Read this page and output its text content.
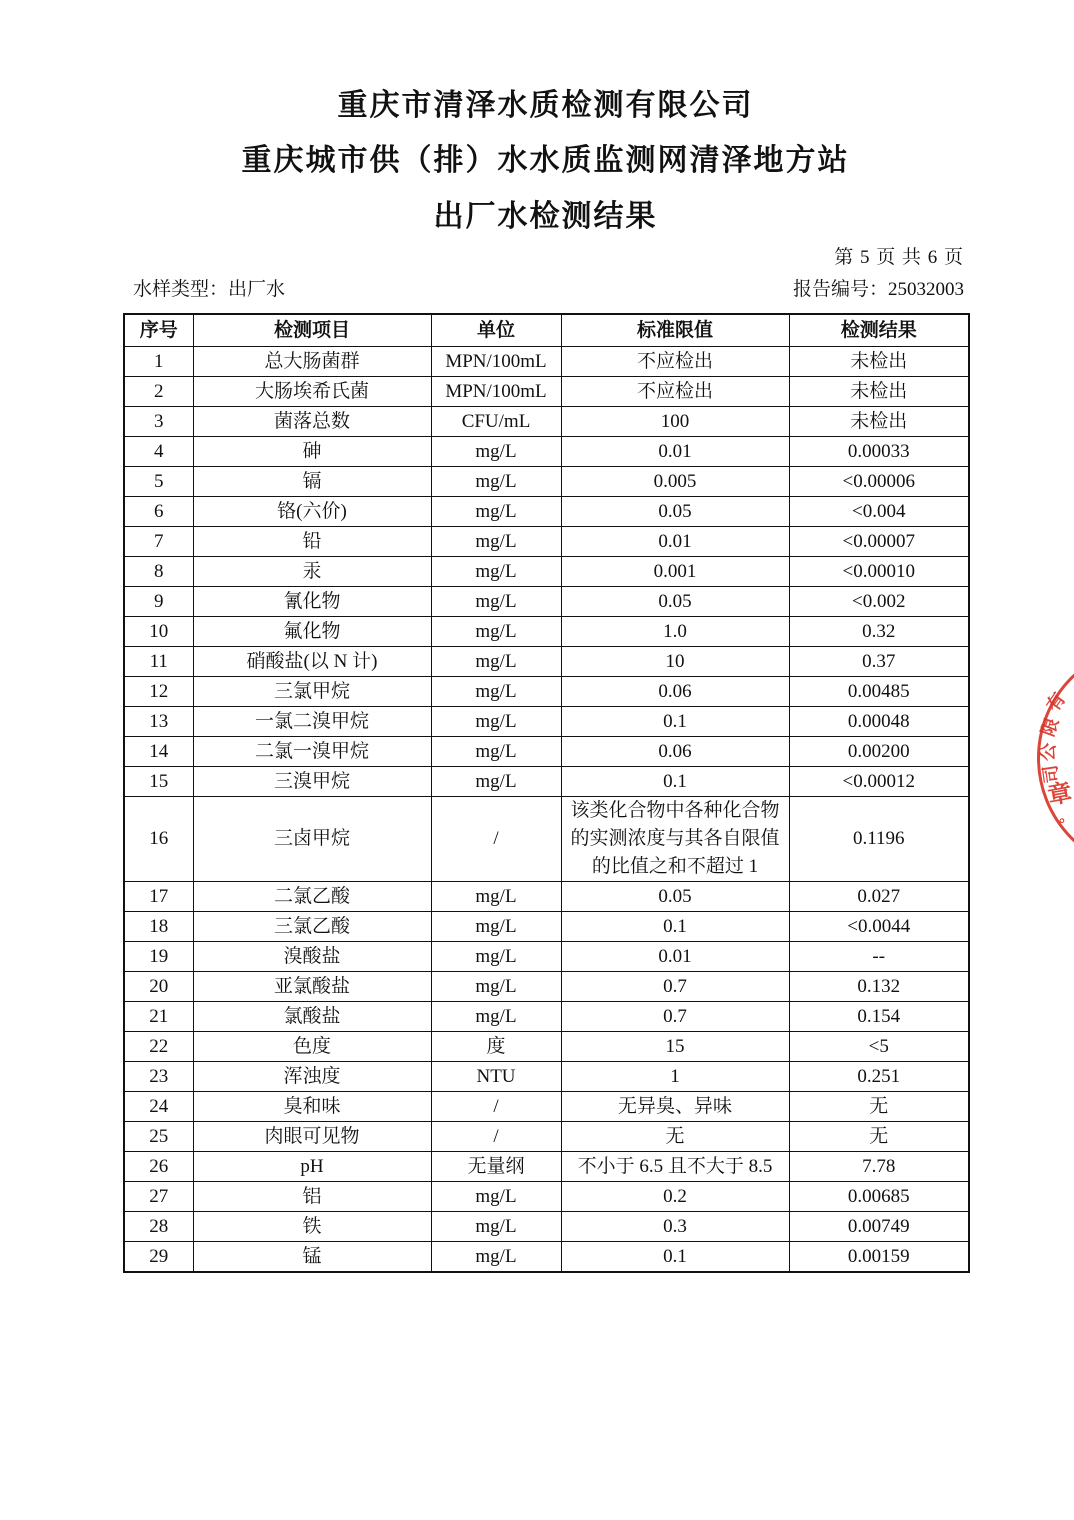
重庆市清泽水质检测有限公司
重庆城市供（排）水水质监测网清泽地方站
出厂水检测结果
第 5 页 共 6 页
水样类型：出厂水	报告编号：25032003
序号	检测项目	单位	标准限值	检测结果
1	总大肠菌群	MPN/100mL	不应检出	未检出
2	大肠埃希氏菌	MPN/100mL	不应检出	未检出
3	菌落总数	CFU/mL	100	未检出
4	砷	mg/L	0.01	0.00033
5	镉	mg/L	0.005	<0.00006
6	铬(六价)	mg/L	0.05	<0.004
7	铅	mg/L	0.01	<0.00007
8	汞	mg/L	0.001	<0.00010
9	氰化物	mg/L	0.05	<0.002
10	氟化物	mg/L	1.0	0.32
11	硝酸盐(以 N 计)	mg/L	10	0.37
12	三氯甲烷	mg/L	0.06	0.00485
13	一氯二溴甲烷	mg/L	0.1	0.00048
14	二氯一溴甲烷	mg/L	0.06	0.00200
15	三溴甲烷	mg/L	0.1	<0.00012
16	三卤甲烷	/	该类化合物中各种化合物的实测浓度与其各自限值的比值之和不超过 1	0.1196
17	二氯乙酸	mg/L	0.05	0.027
18	三氯乙酸	mg/L	0.1	<0.0044
19	溴酸盐	mg/L	0.01	--
20	亚氯酸盐	mg/L	0.7	0.132
21	氯酸盐	mg/L	0.7	0.154
22	色度	度	15	<5
23	浑浊度	NTU	1	0.251
24	臭和味	/	无异臭、异味	无
25	肉眼可见物	/	无	无
26	pH	无量纲	不小于 6.5 且不大于 8.5	7.78
27	铝	mg/L	0.2	0.00685
28	铁	mg/L	0.3	0.00749
29	锰	mg/L	0.1	0.00159
有
限
公
司
章
。
